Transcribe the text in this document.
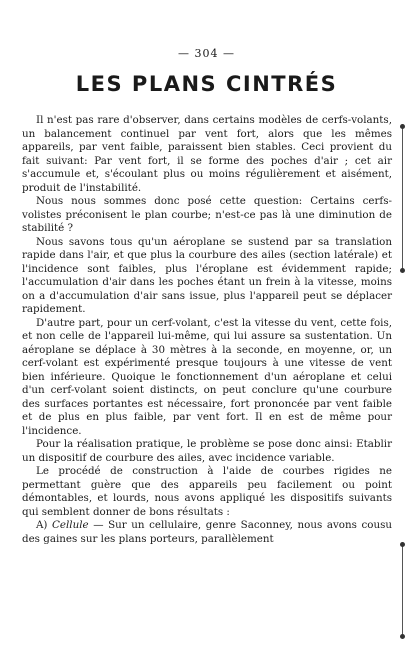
— 304 —
LES PLANS CINTRÉS

Il n'est pas rare d'observer, dans certains modèles de cerfs-volants, un balancement continuel par vent fort, alors que les mêmes appareils, par vent faible, paraissent bien stables. Ceci provient du fait suivant: Par vent fort, il se forme des poches d'air ; cet air s'accumule et, s'écoulant plus ou moins régulièrement et aisément, produit de l'instabilité.

Nous nous sommes donc posé cette question: Certains cerfs-volistes préconisent le plan courbe; n'est-ce pas là une diminution de stabilité ?

Nous savons tous qu'un aéroplane se sustend par sa translation rapide dans l'air, et que plus la courbure des ailes (section latérale) et l'incidence sont faibles, plus l'éroplane est évidemment rapide; l'accumulation d'air dans les poches étant un frein à la vitesse, moins on a d'accumulation d'air sans issue, plus l'appareil peut se déplacer rapidement.

D'autre part, pour un cerf-volant, c'est la vitesse du vent, cette fois, et non celle de l'appareil lui-même, qui lui assure sa sustentation. Un aéroplane se déplace à 30 mètres à la seconde, en moyenne, or, un cerf-volant est expérimenté presque toujours à une vitesse de vent bien inférieure. Quoique le fonctionnement d'un aéroplane et celui d'un cerf-volant soient distincts, on peut conclure qu'une courbure des surfaces portantes est nécessaire, fort prononcée par vent faible et de plus en plus faible, par vent fort. Il en est de même pour l'incidence.

Pour la réalisation pratique, le problème se pose donc ainsi: Etablir un dispositif de courbure des ailes, avec incidence variable.

Le procédé de construction à l'aide de courbes rigides ne permettant guère que des appareils peu facilement ou point démontables, et lourds, nous avons appliqué les dispositifs suivants qui semblent donner de bons résultats :

A) Cellule — Sur un cellulaire, genre Saconney, nous avons cousu des gaines sur les plans porteurs, parallèlement
